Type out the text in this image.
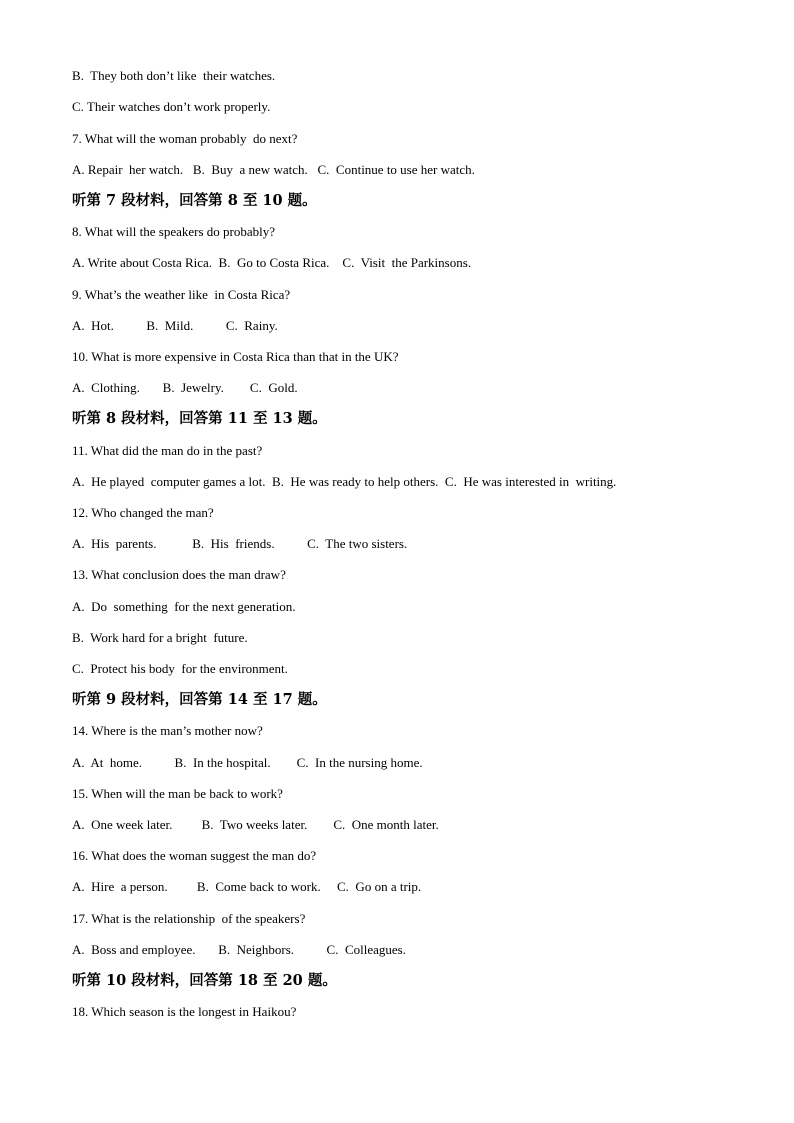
B.  They both don’t like  their watches.
C. Their watches don’t work properly.
7. What will the woman probably  do next?
A. Repair  her watch.   B.  Buy  a new watch.   C.  Continue to use her watch.
听第 7 段材料，回答第 8 至 10 题。
8. What will the speakers do probably?
A. Write about Costa Rica.  B.  Go to Costa Rica.    C.  Visit  the Parkinsons.
9. What’s the weather like  in Costa Rica?
A.  Hot.          B.  Mild.          C.  Rainy.
10. What is more expensive in Costa Rica than that in the UK?
A.  Clothing.       B.  Jewelry.        C.  Gold.
听第 8 段材料，回答第 11 至 13 题。
11. What did the man do in the past?
A.  He played  computer games a lot.  B.  He was ready to help others.  C.  He was interested in  writing.
12. Who changed the man?
A.  His  parents.           B.  His  friends.          C.  The two sisters.
13. What conclusion does the man draw?
A.  Do  something  for the next generation.
B.  Work hard for a bright  future.
C.  Protect his body  for the environment.
听第 9 段材料，回答第 14 至 17 题。
14. Where is the man’s mother now?
A.  At  home.          B.  In the hospital.        C.  In the nursing home.
15. When will the man be back to work?
A.  One week later.         B.  Two weeks later.        C.  One month later.
16. What does the woman suggest the man do?
A.  Hire  a person.         B.  Come back to work.     C.  Go on a trip.
17. What is the relationship  of the speakers?
A.  Boss and employee.       B.  Neighbors.          C.  Colleagues.
听第 10 段材料，回答第 18 至 20 题。
18. Which season is the longest in Haikou?
